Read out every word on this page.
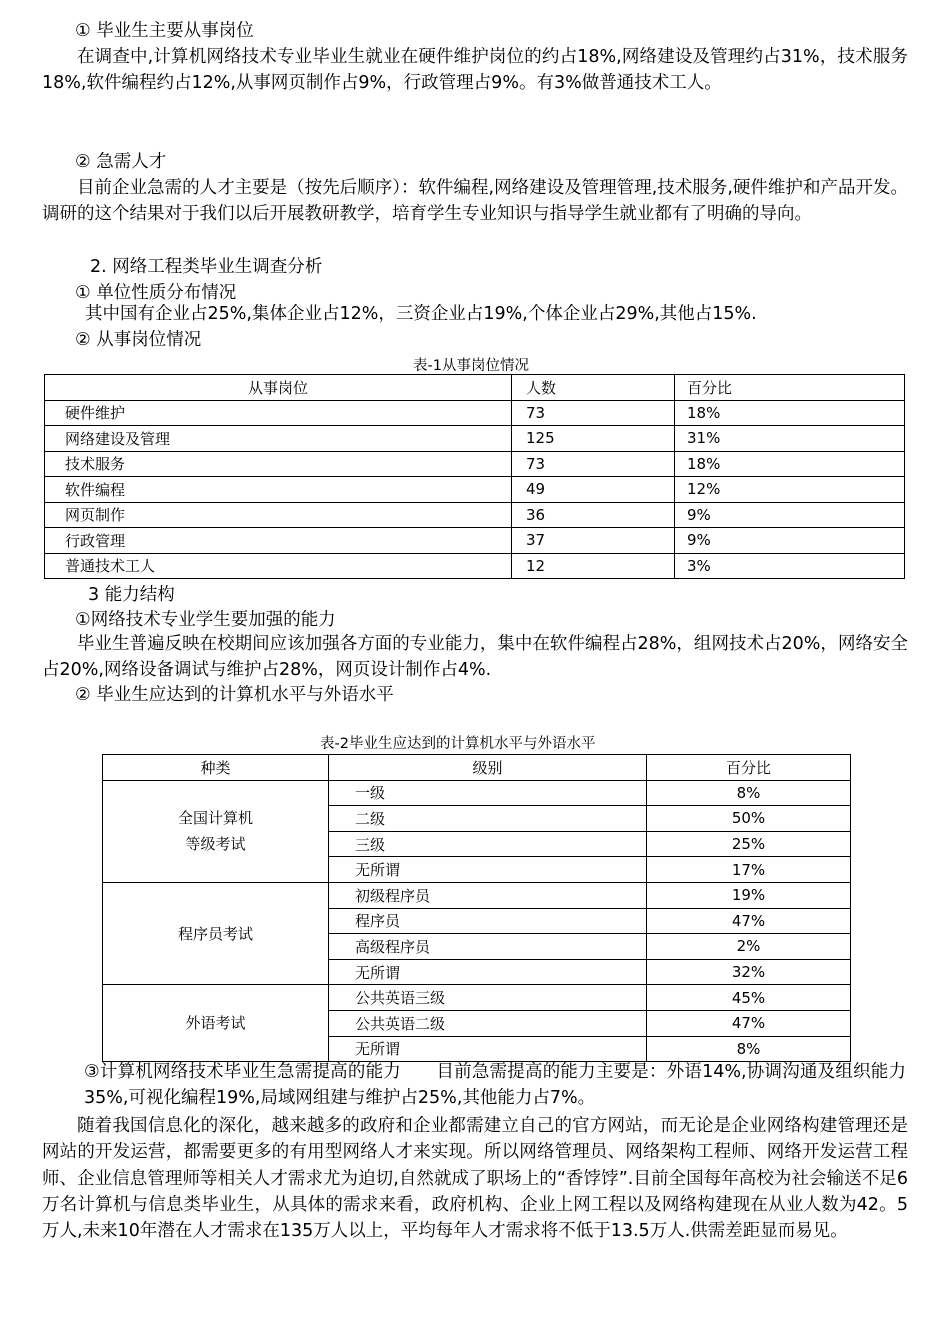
① 毕业生主要从事岗位

在调查中,计算机网络技术专业毕业生就业在硬件维护岗位的约占18%,网络建设及管理约占31%，技术服务18%,软件编程约占12%,从事网页制作占9%，行政管理占9%。有3%做普通技术工人。

② 急需人才

目前企业急需的人才主要是（按先后顺序）：软件编程,网络建设及管理管理,技术服务,硬件维护和产品开发。调研的这个结果对于我们以后开展教研教学，培育学生专业知识与指导学生就业都有了明确的导向。

2. 网络工程类毕业生调查分析

① 单位性质分布情况

其中国有企业占25%,集体企业占12%，三资企业占19%,个体企业占29%,其他占15%.

② 从事岗位情况

表-1从事岗位情况

从事岗位	人数	百分比
硬件维护	73	18%
网络建设及管理	125	31%
技术服务	73	18%
软件编程	49	12%
网页制作	36	9%
行政管理	37	9%
普通技术工人	12	3%

3 能力结构

①网络技术专业学生要加强的能力

毕业生普遍反映在校期间应该加强各方面的专业能力，集中在软件编程占28%，组网技术占20%，网络安全占20%,网络设备调试与维护占28%，网页设计制作占4%.

② 毕业生应达到的计算机水平与外语水平

表-2毕业生应达到的计算机水平与外语水平

种类	级别	百分比

全国计算机
等级考试	一级	8%
	二级	50%
	三级	25%
	无所谓	17%

程序员考试	初级程序员	19%
	程序员	47%
	高级程序员	2%
	无所谓	32%

外语考试	公共英语三级	45%
	公共英语二级	47%
	无所谓	8%

③计算机网络技术毕业生急需提高的能力　　目前急需提高的能力主要是：外语14%,协调沟通及组织能力35%,可视化编程19%,局域网组建与维护占25%,其他能力占7%。

随着我国信息化的深化，越来越多的政府和企业都需建立自己的官方网站，而无论是企业网络构建管理还是网站的开发运营，都需要更多的有用型网络人才来实现。所以网络管理员、网络架构工程师、网络开发运营工程师、企业信息管理师等相关人才需求尤为迫切,自然就成了职场上的“香饽饽”.目前全国每年高校为社会输送不足6万名计算机与信息类毕业生，从具体的需求来看，政府机构、企业上网工程以及网络构建现在从业人数为42。5万人,未来10年潜在人才需求在135万人以上，平均每年人才需求将不低于13.5万人.供需差距显而易见。
